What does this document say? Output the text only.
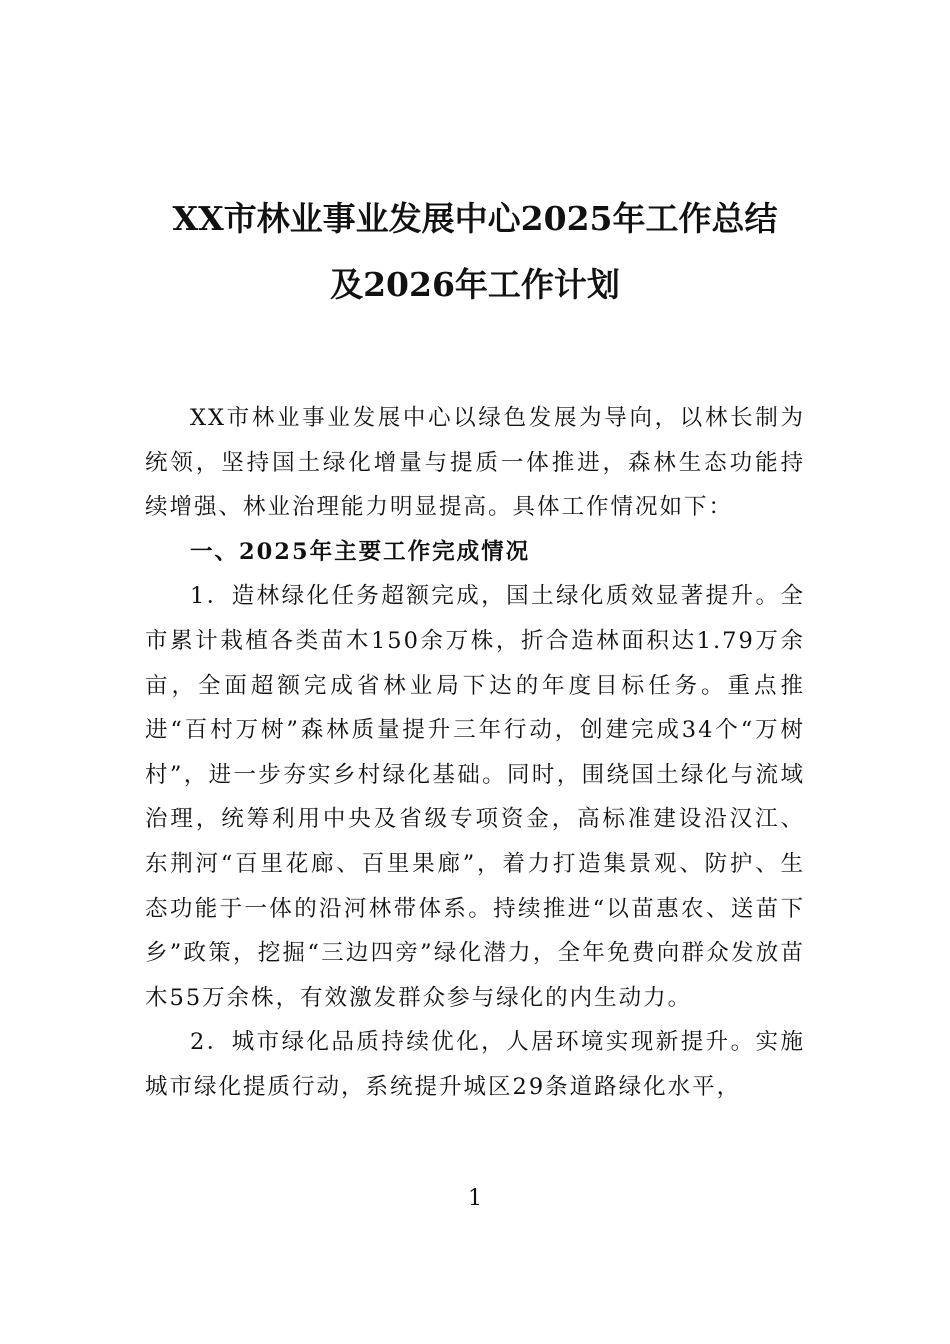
XX市林业事业发展中心2025年工作总结
及2026年工作计划

XX市林业事业发展中心以绿色发展为导向，以林长制为统领，坚持国土绿化增量与提质一体推进，森林生态功能持续增强、林业治理能力明显提高。具体工作情况如下：

一、2025年主要工作完成情况

1．造林绿化任务超额完成，国土绿化质效显著提升。全市累计栽植各类苗木150余万株，折合造林面积达1.79万余亩，全面超额完成省林业局下达的年度目标任务。重点推进“百村万树”森林质量提升三年行动，创建完成34个“万树村”，进一步夯实乡村绿化基础。同时，围绕国土绿化与流域治理，统筹利用中央及省级专项资金，高标准建设沿汉江、东荆河“百里花廊、百里果廊”，着力打造集景观、防护、生态功能于一体的沿河林带体系。持续推进“以苗惠农、送苗下乡”政策，挖掘“三边四旁”绿化潜力，全年免费向群众发放苗木55万余株，有效激发群众参与绿化的内生动力。

2．城市绿化品质持续优化，人居环境实现新提升。实施城市绿化提质行动，系统提升城区29条道路绿化水平，

1
